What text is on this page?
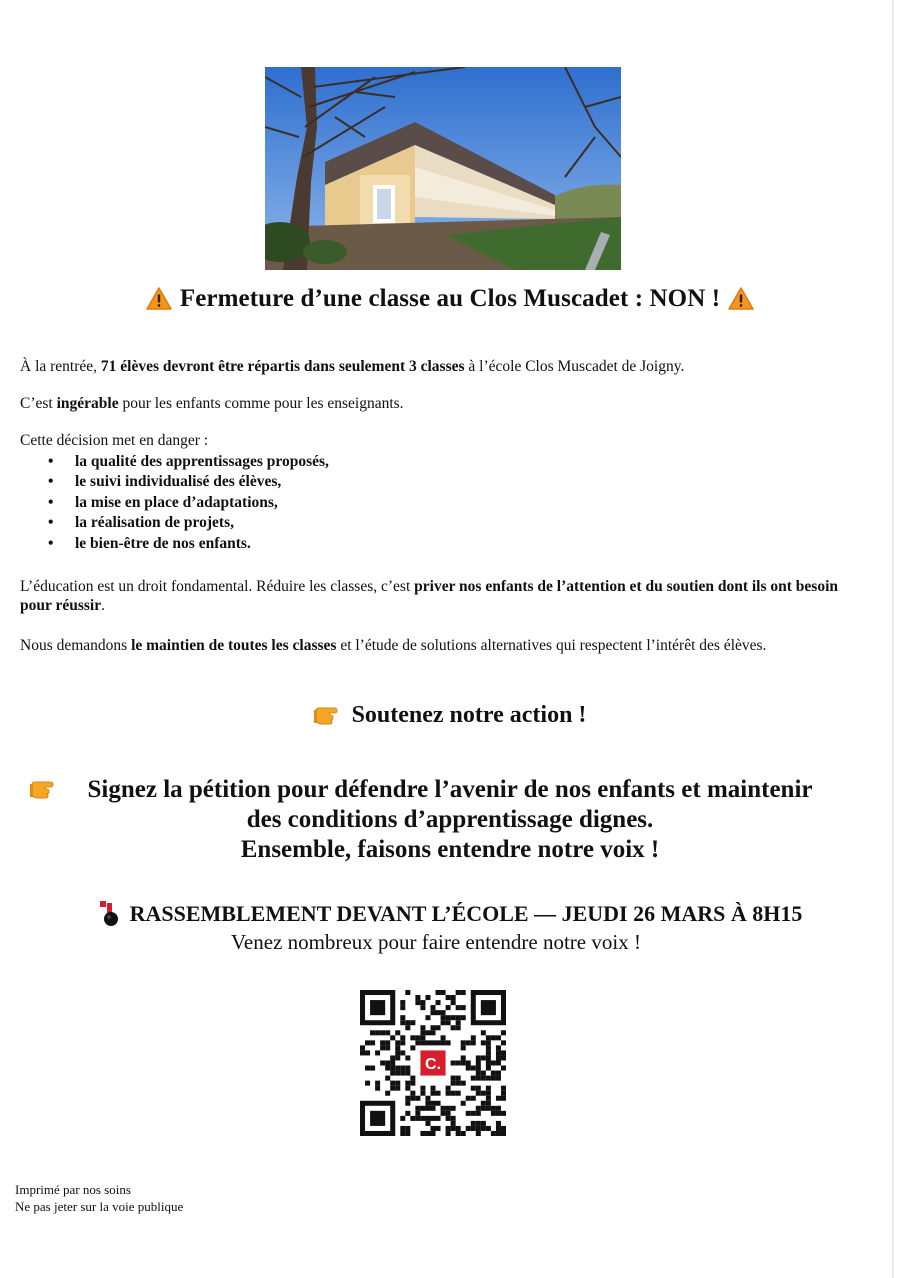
Fermeture d’une classe au Clos Muscadet : NON !
À la rentrée, 71 élèves devront être répartis dans seulement 3 classes à l’école Clos Muscadet de Joigny.
C’est ingérable pour les enfants comme pour les enseignants.
Cette décision met en danger :
• la qualité des apprentissages proposés,
• le suivi individualisé des élèves,
• la mise en place d’adaptations,
• la réalisation de projets,
• le bien-être de nos enfants.
L’éducation est un droit fondamental. Réduire les classes, c’est priver nos enfants de l’attention et du soutien dont ils ont besoin pour réussir.
Nous demandons le maintien de toutes les classes et l’étude de solutions alternatives qui respectent l’intérêt des élèves.
Soutenez notre action !
Signez la pétition pour défendre l’avenir de nos enfants et maintenir
des conditions d’apprentissage dignes.
Ensemble, faisons entendre notre voix !
RASSEMBLEMENT DEVANT L’ÉCOLE — JEUDI 26 MARS À 8H15
Venez nombreux pour faire entendre notre voix !
C.
Imprimé par nos soins
Ne pas jeter sur la voie publique
